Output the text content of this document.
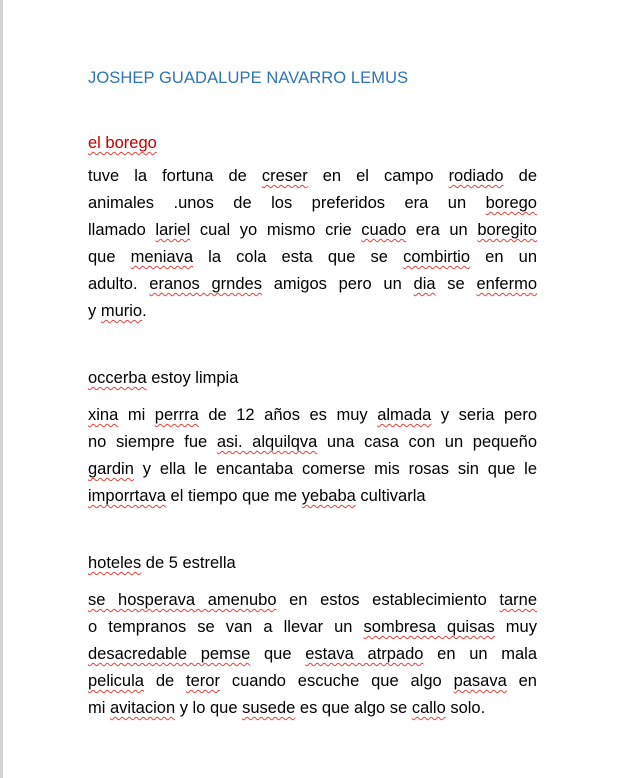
JOSHEP GUADALUPE NAVARRO LEMUS
el borego
tuve la fortuna de creser en el campo rodiado de
animales .unos de los preferidos era un borego
llamado lariel cual yo mismo crie cuado era un boregito
que meniava la cola esta que se combirtio en un
adulto. eranos grndes amigos pero un dia se enfermo
y murio.
occerba estoy limpia
xina mi perrra de 12 años es muy almada y seria pero
no siempre fue asi. alquilqva una casa con un pequeño
gardin y ella le encantaba comerse mis rosas sin que le
imporrtava el tiempo que me yebaba cultivarla
hoteles de 5 estrella
se hosperava amenubo en estos establecimiento tarne
o tempranos se van a llevar un sombresa quisas muy
desacredable pemse que estava atrpado en un mala
pelicula de teror cuando escuche que algo pasava en
mi avitacion y lo que susede es que algo se callo solo.
